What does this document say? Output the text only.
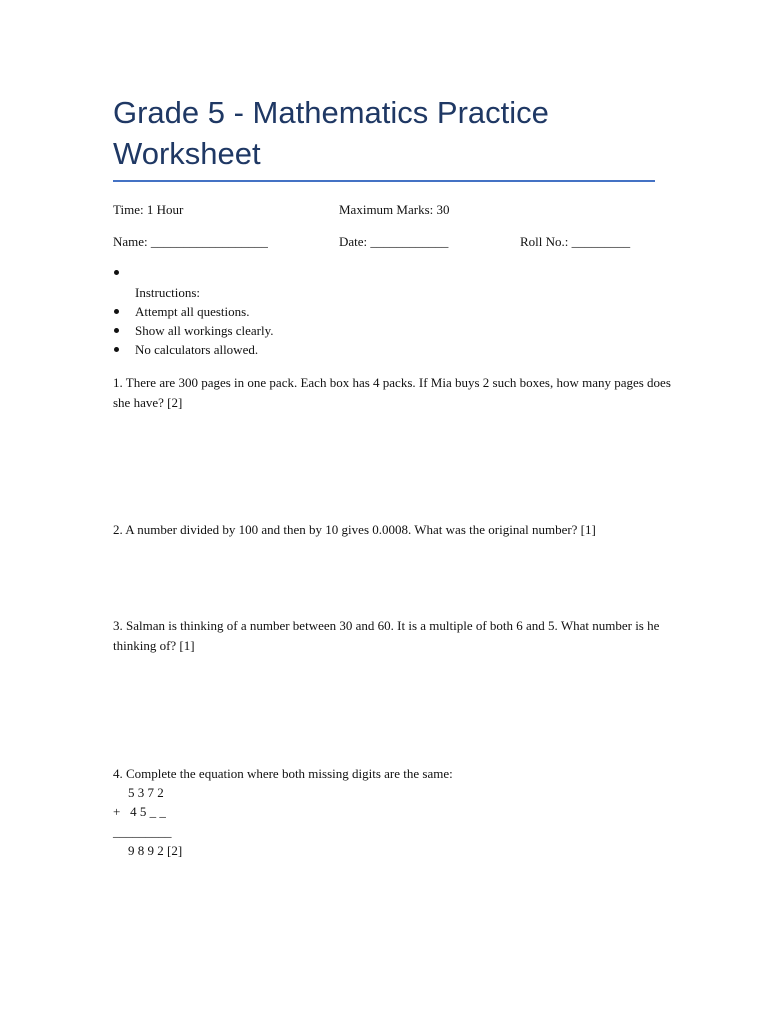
Grade 5 - Mathematics Practice Worksheet
Time: 1 Hour	Maximum Marks: 30
Name: __________________	Date: ____________	Roll No.: _________
Instructions:
Attempt all questions.
Show all workings clearly.
No calculators allowed.
1. There are 300 pages in one pack. Each box has 4 packs. If Mia buys 2 such boxes, how many pages does she have? [2]
2. A number divided by 100 and then by 10 gives 0.0008. What was the original number? [1]
3. Salman is thinking of a number between 30 and 60. It is a multiple of both 6 and 5. What number is he thinking of? [1]
4. Complete the equation where both missing digits are the same:
5 3 7 2
+   4 5 _ _
_________
9 8 9 2 [2]
